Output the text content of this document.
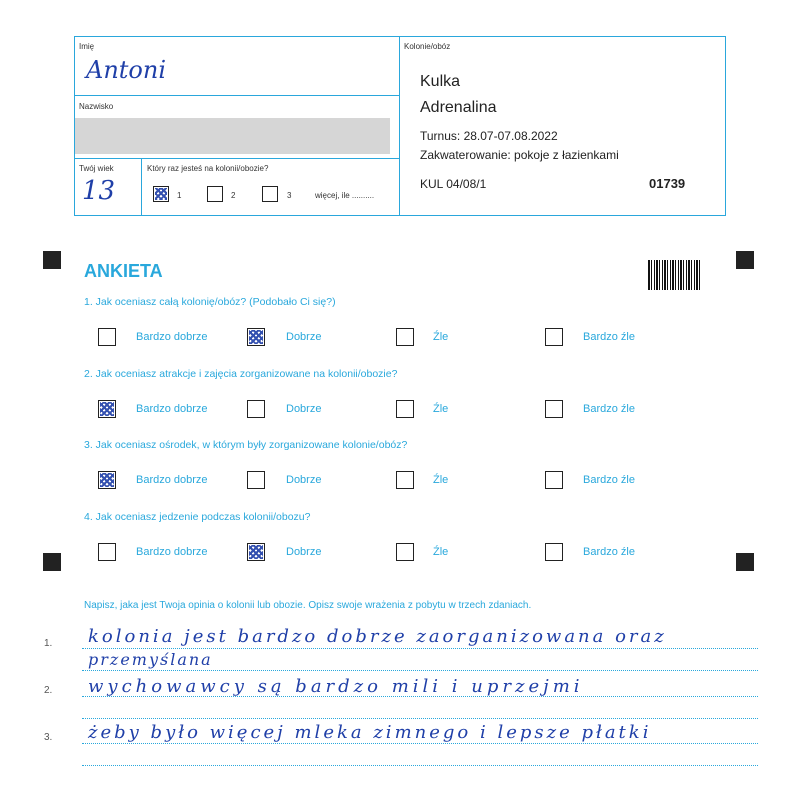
Imię
Antoni
Nazwisko
Twój wiek
13
Który raz jesteś na kolonii/obozie?
1	2	3	więcej, ile ..........
Kolonie/obóz
Kulka
Adrenalina
Turnus: 28.07-07.08.2022
Zakwaterowanie: pokoje z łazienkami
KUL 04/08/1	01739
ANKIETA
1. Jak oceniasz całą kolonię/obóz? (Podobało Ci się?)
Bardzo dobrze	Dobrze	Źle	Bardzo źle
2. Jak oceniasz atrakcje i zajęcia zorganizowane na kolonii/obozie?
Bardzo dobrze	Dobrze	Źle	Bardzo źle
3. Jak oceniasz ośrodek, w którym były zorganizowane kolonie/obóz?
Bardzo dobrze	Dobrze	Źle	Bardzo źle
4. Jak oceniasz jedzenie podczas kolonii/obozu?
Bardzo dobrze	Dobrze	Źle	Bardzo źle
Napisz, jaka jest Twoja opinia o kolonii lub obozie. Opisz swoje wrażenia z pobytu w trzech zdaniach.
1.
2.
3.
kolonia jest bardzo dobrze zaorganizowana oraz
przemyślana
wychowawcy są bardzo mili i uprzejmi
żeby było więcej mleka zimnego i lepsze płatki
